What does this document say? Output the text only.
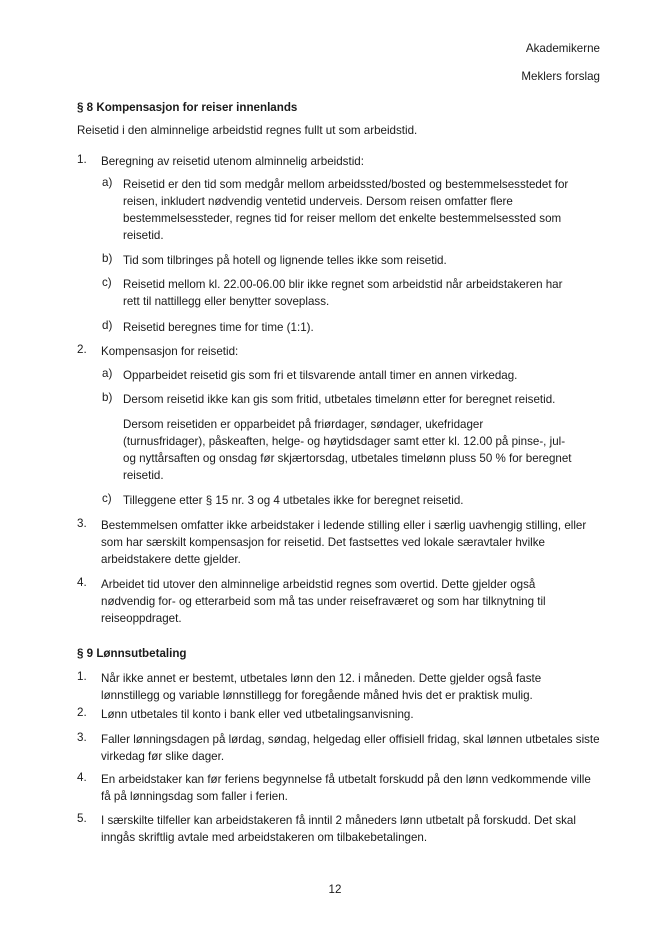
Akademikerne
Meklers forslag
§ 8 Kompensasjon for reiser innenlands
Reisetid i den alminnelige arbeidstid regnes fullt ut som arbeidstid.
1. Beregning av reisetid utenom alminnelig arbeidstid:
a) Reisetid er den tid som medgår mellom arbeidssted/bosted og bestemmelsesstedet for
reisen, inkludert nødvendig ventetid underveis. Dersom reisen omfatter flere
bestemmelsessteder, regnes tid for reiser mellom det enkelte bestemmelsessted som
reisetid.
b) Tid som tilbringes på hotell og lignende telles ikke som reisetid.
c) Reisetid mellom kl. 22.00-06.00 blir ikke regnet som arbeidstid når arbeidstakeren har
rett til nattillegg eller benytter soveplass.
d) Reisetid beregnes time for time (1:1).
2. Kompensasjon for reisetid:
a) Opparbeidet reisetid gis som fri et tilsvarende antall timer en annen virkedag.
b) Dersom reisetid ikke kan gis som fritid, utbetales timelønn etter for beregnet reisetid.
Dersom reisetiden er opparbeidet på friørdager, søndager, ukefridager
(turnusfridager), påskeaften, helge- og høytidsdager samt etter kl. 12.00 på pinse-, jul-
og nyttårsaften og onsdag før skjærtorsdag, utbetales timelønn pluss 50 % for beregnet
reisetid.
c) Tilleggene etter § 15 nr. 3 og 4 utbetales ikke for beregnet reisetid.
3. Bestemmelsen omfatter ikke arbeidstaker i ledende stilling eller i særlig uavhengig stilling, eller
som har særskilt kompensasjon for reisetid. Det fastsettes ved lokale særavtaler hvilke
arbeidstakere dette gjelder.
4. Arbeidet tid utover den alminnelige arbeidstid regnes som overtid. Dette gjelder også
nødvendig for- og etterarbeid som må tas under reisefraværet og som har tilknytning til
reiseoppdraget.
§ 9 Lønnsutbetaling
1. Når ikke annet er bestemt, utbetales lønn den 12. i måneden. Dette gjelder også faste
lønnstillegg og variable lønnstillegg for foregående måned hvis det er praktisk mulig.
2. Lønn utbetales til konto i bank eller ved utbetalingsanvisning.
3. Faller lønningsdagen på lørdag, søndag, helgedag eller offisiell fridag, skal lønnen utbetales siste
virkedag før slike dager.
4. En arbeidstaker kan før feriens begynnelse få utbetalt forskudd på den lønn vedkommende ville
få på lønningsdag som faller i ferien.
5. I særskilte tilfeller kan arbeidstakeren få inntil 2 måneders lønn utbetalt på forskudd. Det skal
inngås skriftlig avtale med arbeidstakeren om tilbakebetalingen.
12
